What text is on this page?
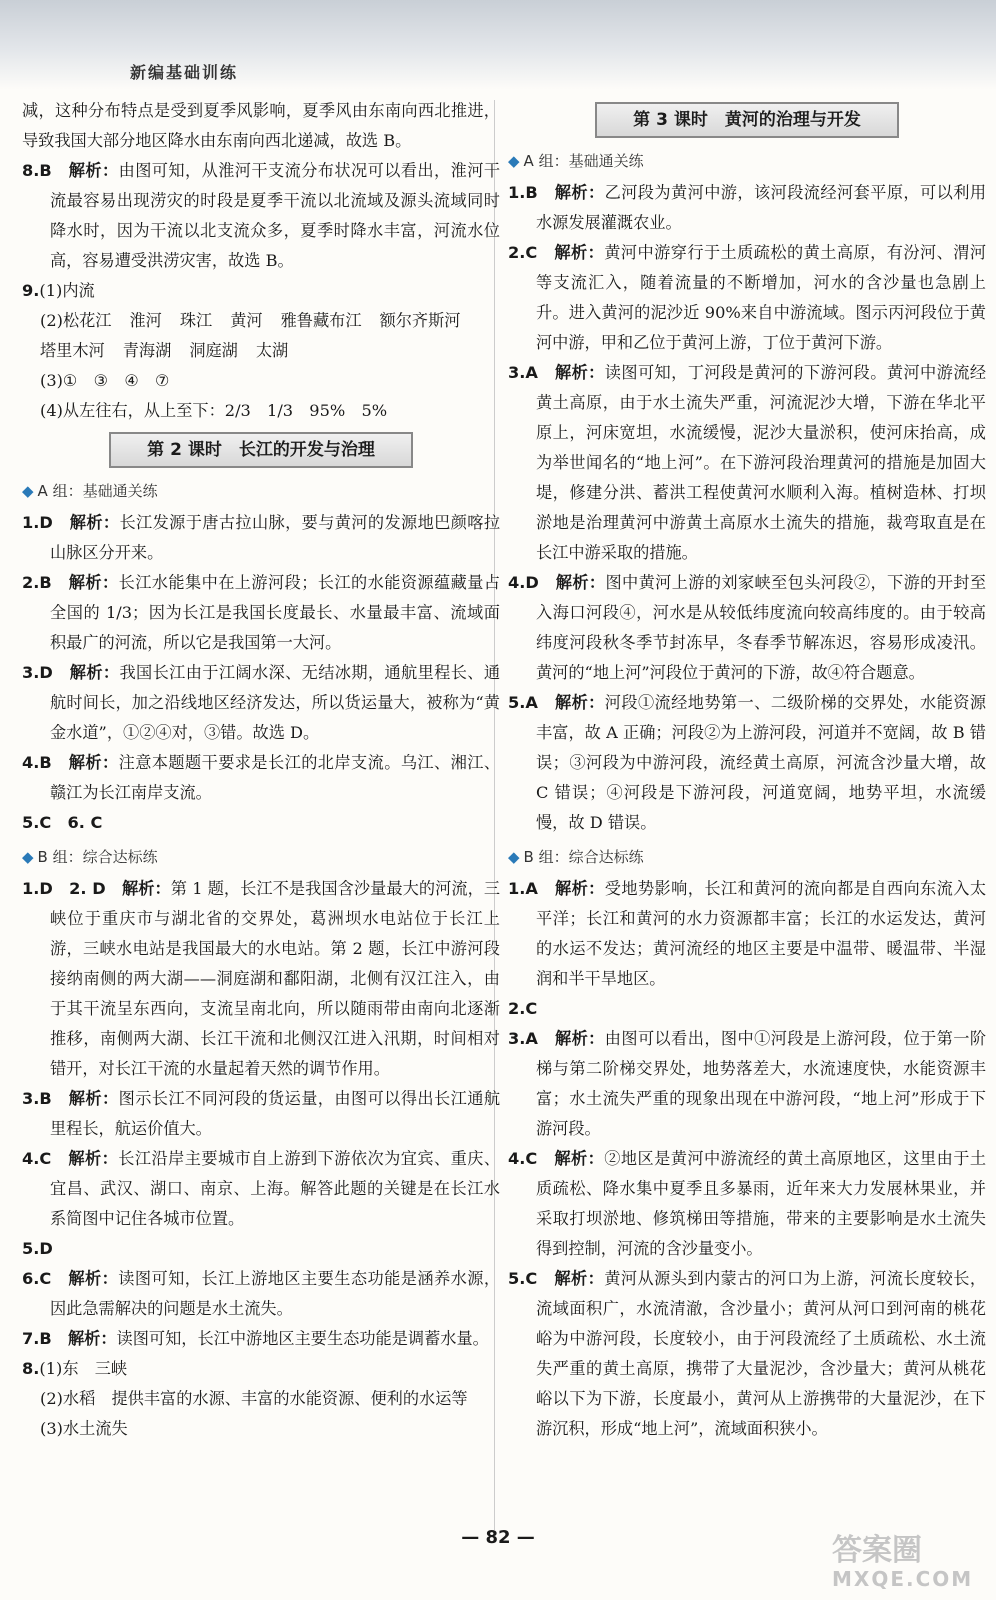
新编基础训练

减，这种分布特点是受到夏季风影响，夏季风由东南向西北推进，导致我国大部分地区降水由东南向西北递减，故选 B。

8.B　 解析：由图可知，从淮河干支流分布状况可以看出，淮河干流最容易出现涝灾的时段是夏季干流以北流域及源头流域同时降水时，因为干流以北支流众多，夏季时降水丰富，河流水位高，容易遭受洪涝灾害，故选 B。

9.(1)内流

(2)松花江 淮河 珠江 黄河 雅鲁藏布江 额尔齐斯河塔里木河 青海湖 洞庭湖 太湖

(3)①　③　④　⑦

(4)从左往右，从上至下：2/3　1/3　95%　5%

第 2 课时　长江的开发与治理
◆ A 组：基础通关练

1.D　 解析：长江发源于唐古拉山脉，要与黄河的发源地巴颜喀拉山脉区分开来。

2.B　 解析：长江水能集中在上游河段；长江的水能资源蕴藏量占全国的 1/3；因为长江是我国长度最长、水量最丰富、流域面积最广的河流，所以它是我国第一大河。

3.D　 解析：我国长江由于江阔水深、无结冰期，通航里程长、通航时间长，加之沿线地区经济发达，所以货运量大，被称为“黄金水道”，①②④对，③错。故选 D。

4.B　 解析：注意本题题干要求是长江的北岸支流。乌江、湘江、赣江为长江南岸支流。

5.C　6. C

◆ B 组：综合达标练

1.D　2. D　 解析：第 1 题，长江不是我国含沙量最大的河流，三峡位于重庆市与湖北省的交界处，葛洲坝水电站位于长江上游，三峡水电站是我国最大的水电站。第 2 题，长江中游河段接纳南侧的两大湖——洞庭湖和鄱阳湖，北侧有汉江注入，由于其干流呈东西向，支流呈南北向，所以随雨带由南向北逐渐推移，南侧两大湖、长江干流和北侧汉江进入汛期，时间相对错开，对长江干流的水量起着天然的调节作用。

3.B　 解析：图示长江不同河段的货运量，由图可以得出长江通航里程长，航运价值大。

4.C　 解析：长江沿岸主要城市自上游到下游依次为宜宾、重庆、宜昌、武汉、湖口、南京、上海。解答此题的关键是在长江水系简图中记住各城市位置。

5.D

6.C　 解析：读图可知，长江上游地区主要生态功能是涵养水源，因此急需解决的问题是水土流失。

7.B　 解析：读图可知，长江中游地区主要生态功能是调蓄水量。

8.(1)东　三峡

(2)水稻　提供丰富的水源、丰富的水能资源、便利的水运等

(3)水土流失

第 3 课时　黄河的治理与开发
◆ A 组：基础通关练

1.B　 解析：乙河段为黄河中游，该河段流经河套平原，可以利用水源发展灌溉农业。

2.C　 解析：黄河中游穿行于土质疏松的黄土高原，有汾河、渭河等支流汇入，随着流量的不断增加，河水的含沙量也急剧上升。进入黄河的泥沙近 90%来自中游流域。图示丙河段位于黄河中游，甲和乙位于黄河上游，丁位于黄河下游。

3.A　 解析：读图可知，丁河段是黄河的下游河段。黄河中游流经黄土高原，由于水土流失严重，河流泥沙大增，下游在华北平原上，河床宽坦，水流缓慢，泥沙大量淤积，使河床抬高，成为举世闻名的“地上河”。在下游河段治理黄河的措施是加固大堤，修建分洪、蓄洪工程使黄河水顺利入海。植树造林、打坝淤地是治理黄河中游黄土高原水土流失的措施，裁弯取直是在长江中游采取的措施。

4.D　 解析：图中黄河上游的刘家峡至包头河段②，下游的开封至入海口河段④，河水是从较低纬度流向较高纬度的。由于较高纬度河段秋冬季节封冻早，冬春季节解冻迟，容易形成凌汛。黄河的“地上河”河段位于黄河的下游，故④符合题意。

5.A　 解析：河段①流经地势第一、二级阶梯的交界处，水能资源丰富，故 A 正确；河段②为上游河段，河道并不宽阔，故 B 错误；③河段为中游河段，流经黄土高原，河流含沙量大增，故 C 错误；④河段是下游河段，河道宽阔，地势平坦，水流缓慢，故 D 错误。

◆ B 组：综合达标练

1.A　 解析：受地势影响，长江和黄河的流向都是自西向东流入太平洋；长江和黄河的水力资源都丰富；长江的水运发达，黄河的水运不发达；黄河流经的地区主要是中温带、暖温带、半湿润和半干旱地区。

2.C

3.A　 解析：由图可以看出，图中①河段是上游河段，位于第一阶梯与第二阶梯交界处，地势落差大，水流速度快，水能资源丰富；水土流失严重的现象出现在中游河段，“地上河”形成于下游河段。

4.C　 解析：②地区是黄河中游流经的黄土高原地区，这里由于土质疏松、降水集中夏季且多暴雨，近年来大力发展林果业，并采取打坝淤地、修筑梯田等措施，带来的主要影响是水土流失得到控制，河流的含沙量变小。

5.C　 解析：黄河从源头到内蒙古的河口为上游，河流长度较长，流域面积广，水流清澈，含沙量小；黄河从河口到河南的桃花峪为中游河段，长度较小，由于河段流经了土质疏松、水土流失严重的黄土高原，携带了大量泥沙，含沙量大；黄河从桃花峪以下为下游，长度最小，黄河从上游携带的大量泥沙，在下游沉积，形成“地上河”，流域面积狭小。

— 82 —	答案圈
MXQE.COM
